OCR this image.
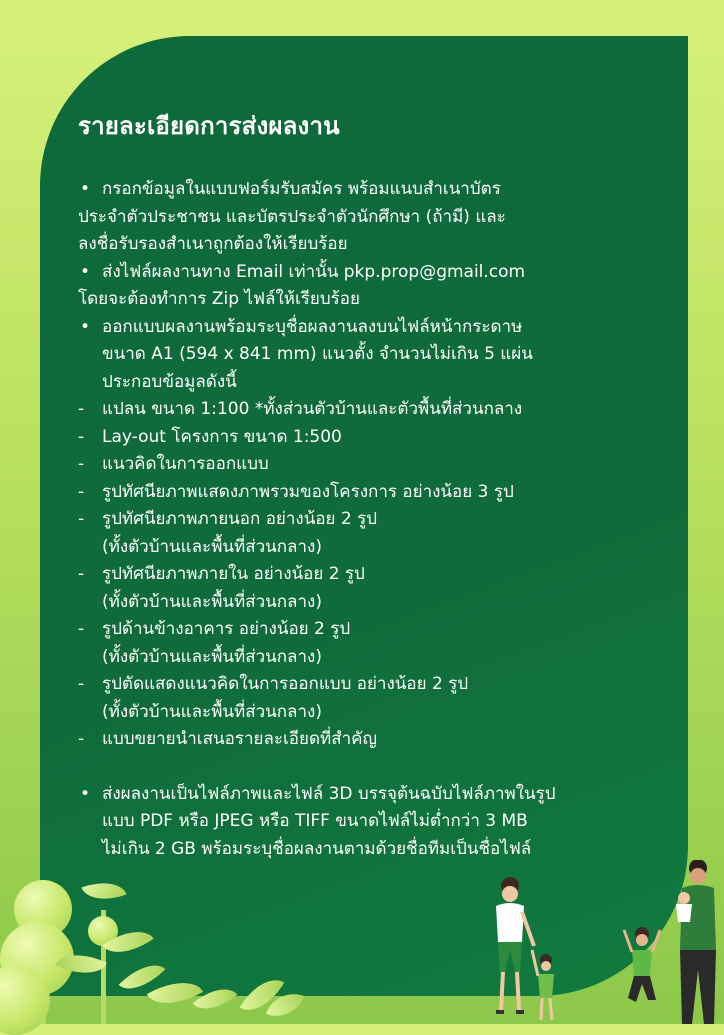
รายละเอียดการส่งผลงาน
• กรอกข้อมูลในแบบฟอร์มรับสมัคร พร้อมแนบสำเนาบัตร
ประจำตัวประชาชน และบัตรประจำตัวนักศึกษา (ถ้ามี) และ
ลงชื่อรับรองสำเนาถูกต้องให้เรียบร้อย
• ส่งไฟล์ผลงานทาง Email เท่านั้น pkp.prop@gmail.com
โดยจะต้องทำการ Zip ไฟล์ให้เรียบร้อย
• ออกแบบผลงานพร้อมระบุชื่อผลงานลงบนไฟล์หน้ากระดาษ
ขนาด A1 (594 x 841 mm) แนวตั้ง จำนวนไม่เกิน 5 แผ่น
ประกอบข้อมูลดังนี้
-	แปลน ขนาด 1:100 *ทั้งส่วนตัวบ้านและตัวพื้นที่ส่วนกลาง
-	Lay-out โครงการ ขนาด 1:500
-	แนวคิดในการออกแบบ
-	รูปทัศนียภาพแสดงภาพรวมของโครงการ อย่างน้อย 3 รูป
-	รูปทัศนียภาพภายนอก อย่างน้อย 2 รูป
(ทั้งตัวบ้านและพื้นที่ส่วนกลาง)
-	รูปทัศนียภาพภายใน อย่างน้อย 2 รูป
(ทั้งตัวบ้านและพื้นที่ส่วนกลาง)
-	รูปด้านข้างอาคาร อย่างน้อย 2 รูป
(ทั้งตัวบ้านและพื้นที่ส่วนกลาง)
-	รูปตัดแสดงแนวคิดในการออกแบบ อย่างน้อย 2 รูป
(ทั้งตัวบ้านและพื้นที่ส่วนกลาง)
-	แบบขยายนำเสนอรายละเอียดที่สำคัญ
• ส่งผลงานเป็นไฟล์ภาพและไฟล์ 3D บรรจุต้นฉบับไฟล์ภาพในรูป
แบบ PDF หรือ JPEG หรือ TIFF ขนาดไฟล์ไม่ต่ำกว่า 3 MB
ไม่เกิน 2 GB พร้อมระบุชื่อผลงานตามด้วยชื่อทีมเป็นชื่อไฟล์
